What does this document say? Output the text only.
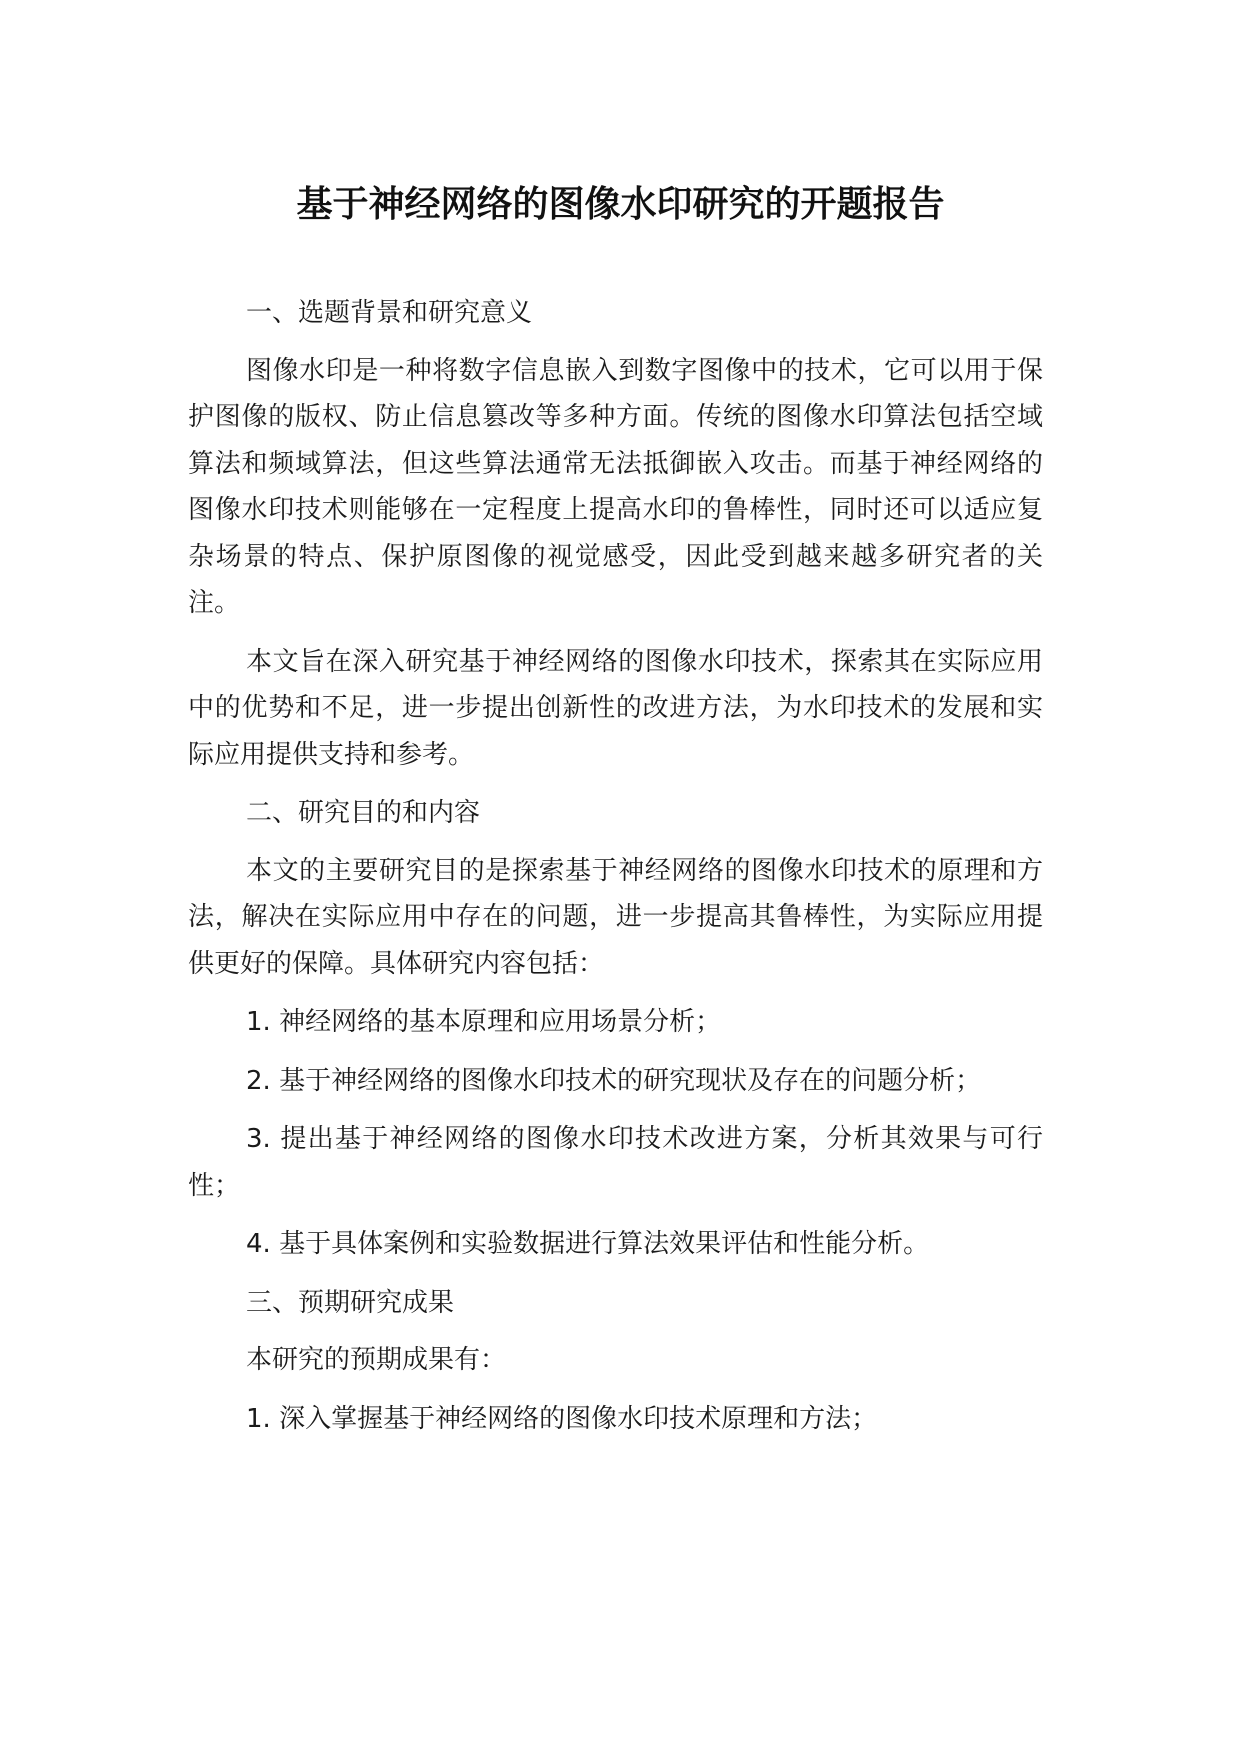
基于神经网络的图像水印研究的开题报告

一、选题背景和研究意义

图像水印是一种将数字信息嵌入到数字图像中的技术，它可以用于保护图像的版权、防止信息篡改等多种方面。传统的图像水印算法包括空域算法和频域算法，但这些算法通常无法抵御嵌入攻击。而基于神经网络的图像水印技术则能够在一定程度上提高水印的鲁棒性，同时还可以适应复杂场景的特点、保护原图像的视觉感受，因此受到越来越多研究者的关注。

本文旨在深入研究基于神经网络的图像水印技术，探索其在实际应用中的优势和不足，进一步提出创新性的改进方法，为水印技术的发展和实际应用提供支持和参考。

二、研究目的和内容

本文的主要研究目的是探索基于神经网络的图像水印技术的原理和方法，解决在实际应用中存在的问题，进一步提高其鲁棒性，为实际应用提供更好的保障。具体研究内容包括：

1. 神经网络的基本原理和应用场景分析；

2. 基于神经网络的图像水印技术的研究现状及存在的问题分析；

3. 提出基于神经网络的图像水印技术改进方案，分析其效果与可行性；

4. 基于具体案例和实验数据进行算法效果评估和性能分析。

三、预期研究成果

本研究的预期成果有：

1. 深入掌握基于神经网络的图像水印技术原理和方法；
